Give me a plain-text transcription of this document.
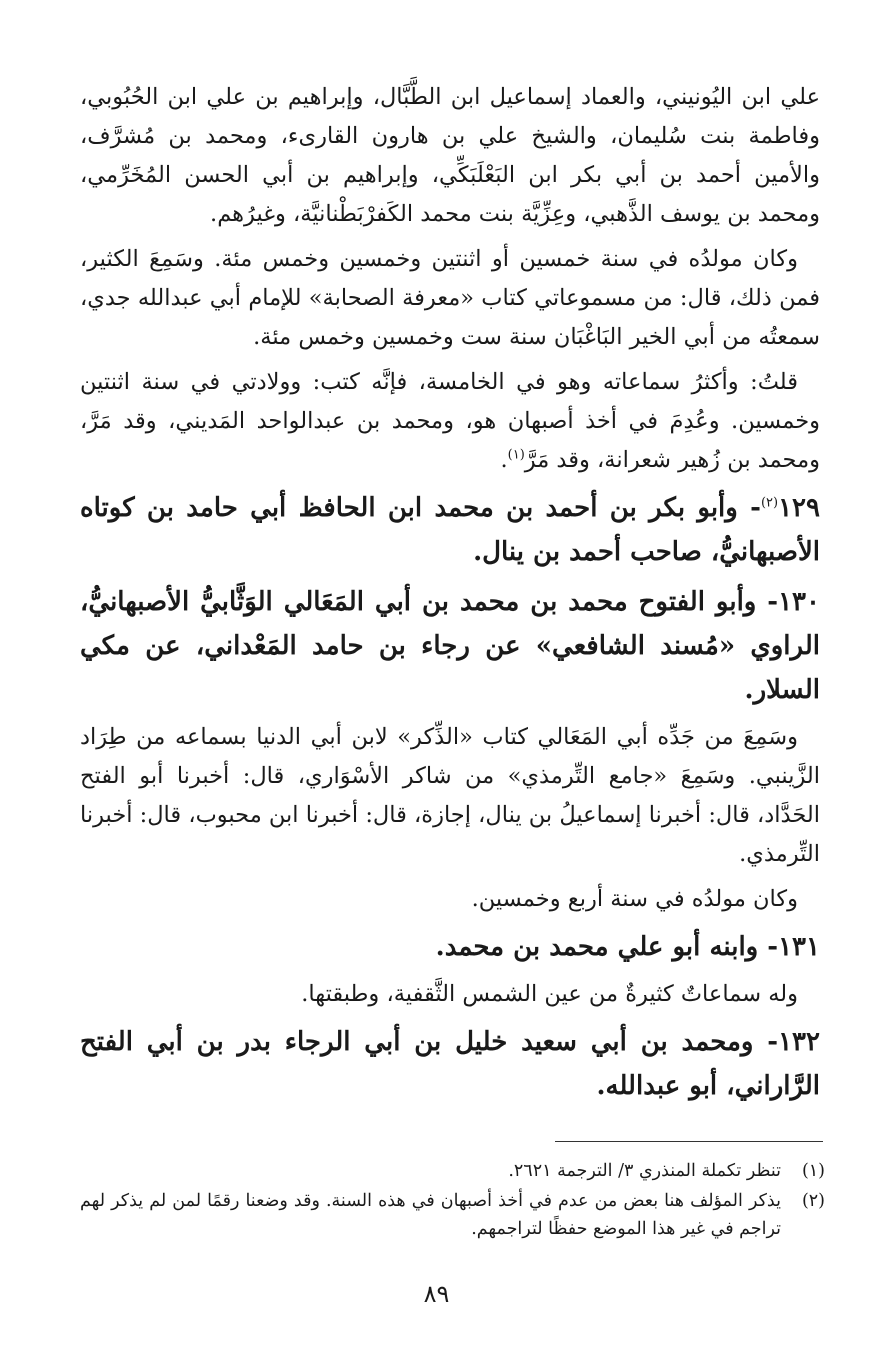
علي ابن اليُونيني، والعماد إسماعيل ابن الطَّبَّال، وإبراهيم بن علي ابن الحُبُوبي، وفاطمة بنت سُليمان، والشيخ علي بن هارون القارىء، ومحمد بن مُشرَّف، والأمين أحمد بن أبي بكر ابن البَعْلَبَكِّي، وإبراهيم بن أبي الحسن المُخَرِّمي، ومحمد بن يوسف الذَّهبي، وعِزِّيَّة بنت محمد الكَفرْبَطْنانيَّة، وغيرُهم.

وكان مولدُه في سنة خمسين أو اثنتين وخمسين وخمس مئة. وسَمِعَ الكثير، فمن ذلك، قال: من مسموعاتي كتاب «معرفة الصحابة» للإمام أبي عبدالله جدي، سمعتُه من أبي الخير البَاغْبَان سنة ست وخمسين وخمس مئة.

قلتُ: وأكثرُ سماعاته وهو في الخامسة، فإنَّه كتب: وولادتي في سنة اثنتين وخمسين. وعُدِمَ في أخذ أصبهان هو، ومحمد بن عبدالواحد المَديني، وقد مَرَّ، ومحمد بن زُهير شعرانة، وقد مَرَّ$^{(١)}$.

١٢٩$^{(٢)}$- وأبو بكر بن أحمد بن محمد ابن الحافظ أبي حامد بن كوتاه الأصبهانيُّ، صاحب أحمد بن ينال.

١٣٠- وأبو الفتوح محمد بن محمد بن أبي المَعَالي الوَثَّابيُّ الأصبهانيُّ، الراوي «مُسند الشافعي» عن رجاء بن حامد المَعْداني، عن مكي السلار.

وسَمِعَ من جَدِّه أبي المَعَالي كتاب «الذِّكر» لابن أبي الدنيا بسماعه من طِرَاد الزَّينبي. وسَمِعَ «جامع التِّرمذي» من شاكر الأسْوَاري، قال: أخبرنا أبو الفتح الحَدَّاد، قال: أخبرنا إسماعيلُ بن ينال، إجازة، قال: أخبرنا ابن محبوب، قال: أخبرنا التِّرمذي.

وكان مولدُه في سنة أربع وخمسين.

١٣١- وابنه أبو علي محمد بن محمد.

وله سماعاتٌ كثيرةٌ من عين الشمس الثَّقفية، وطبقتها.

١٣٢- ومحمد بن أبي سعيد خليل بن أبي الرجاء بدر بن أبي الفتح الرَّاراني، أبو عبدالله.

(١)
تنظر تكملة المنذري ٣/ الترجمة ٢٦٢١.
(٢)
يذكر المؤلف هنا بعض من عدم في أخذ أصبهان في هذه السنة. وقد وضعنا رقمًا لمن لم يذكر لهم تراجم في غير هذا الموضع حفظًا لتراجمهم.
٨٩
